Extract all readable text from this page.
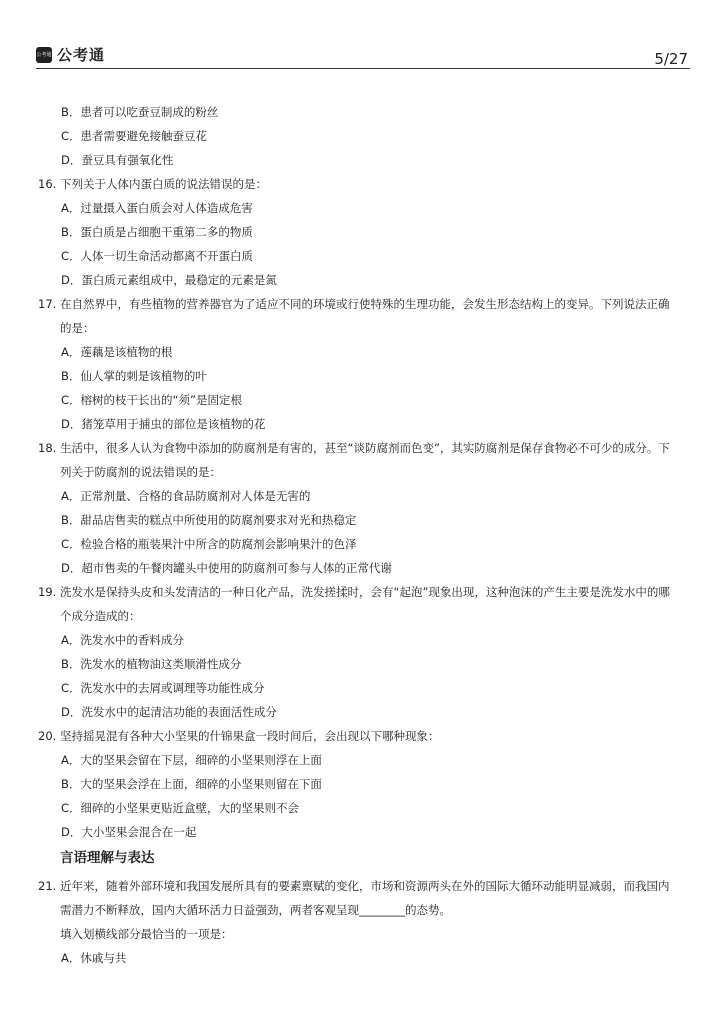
公考通 公考通	5/27
B．患者可以吃蚕豆制成的粉丝
C．患者需要避免接触蚕豆花
D．蚕豆具有强氧化性
16. 下列关于人体内蛋白质的说法错误的是：
A．过量摄入蛋白质会对人体造成危害
B．蛋白质是占细胞干重第二多的物质
C．人体一切生命活动都离不开蛋白质
D．蛋白质元素组成中，最稳定的元素是氮
17. 在自然界中，有些植物的营养器官为了适应不同的环境或行使特殊的生理功能，会发生形态结构上的变异。下列说法正确
的是：
A．莲藕是该植物的根
B．仙人掌的刺是该植物的叶
C．榕树的枝干长出的“须”是固定根
D．猪笼草用于捕虫的部位是该植物的花
18. 生活中，很多人认为食物中添加的防腐剂是有害的，甚至“谈防腐剂而色变”，其实防腐剂是保存食物必不可少的成分。下
列关于防腐剂的说法错误的是：
A．正常剂量、合格的食品防腐剂对人体是无害的
B．甜品店售卖的糕点中所使用的防腐剂要求对光和热稳定
C．检验合格的瓶装果汁中所含的防腐剂会影响果汁的色泽
D．超市售卖的午餐肉罐头中使用的防腐剂可参与人体的正常代谢
19. 洗发水是保持头皮和头发清洁的一种日化产品，洗发搓揉时，会有“起泡”现象出现，这种泡沫的产生主要是洗发水中的哪
个成分造成的：
A．洗发水中的香料成分
B．洗发水的植物油这类顺滑性成分
C．洗发水中的去屑或调理等功能性成分
D．洗发水中的起清洁功能的表面活性成分
20. 坚持摇晃混有各种大小坚果的什锦果盒一段时间后，会出现以下哪种现象：
A．大的坚果会留在下层，细碎的小坚果则浮在上面
B．大的坚果会浮在上面，细碎的小坚果则留在下面
C．细碎的小坚果更贴近盒壁，大的坚果则不会
D．大小坚果会混合在一起
言语理解与表达
21. 近年来，随着外部环境和我国发展所具有的要素禀赋的变化，市场和资源两头在外的国际大循环动能明显减弱，而我国内
需潜力不断释放，国内大循环活力日益强劲，两者客观呈现________的态势。
填入划横线部分最恰当的一项是：
A．休戚与共
